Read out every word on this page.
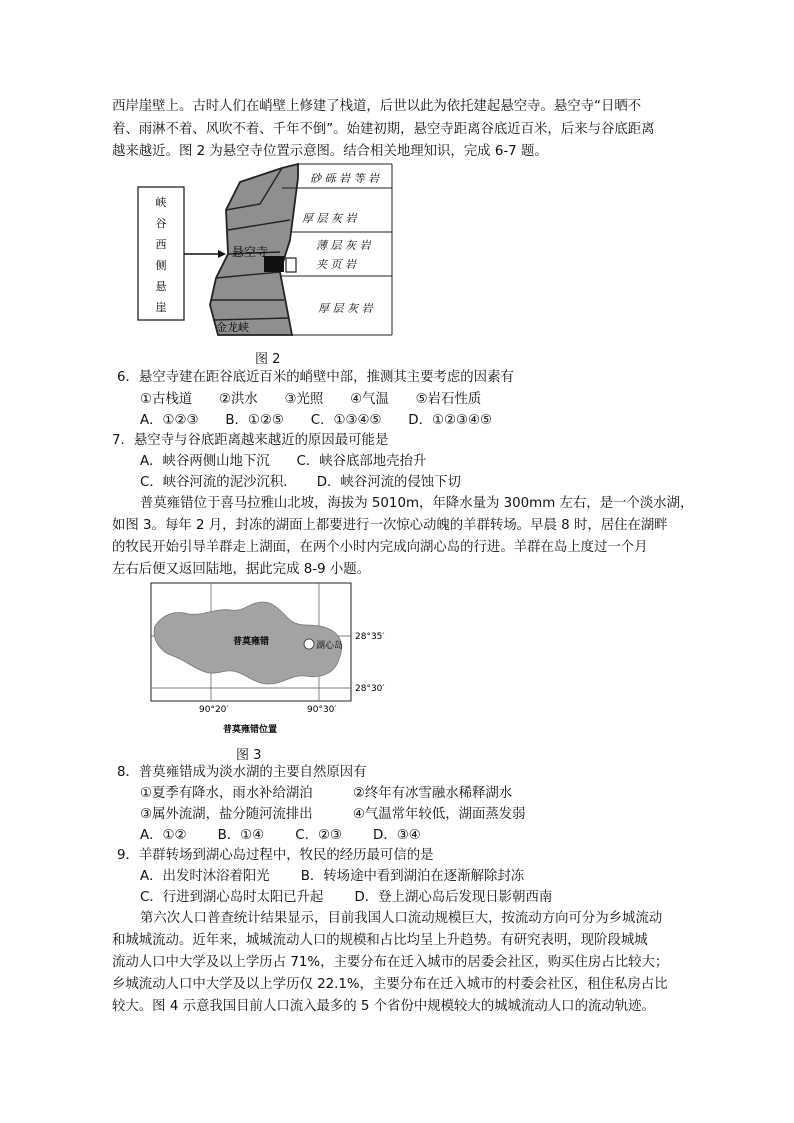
西岸崖壁上。古时人们在峭壁上修建了栈道，后世以此为依托建起悬空寺。悬空寺“日晒不
着、雨淋不着、风吹不着、千年不倒”。始建初期，悬空寺距离谷底近百米，后来与谷底距离
越来越近。图 2 为悬空寺位置示意图。结合相关地理知识，完成 6-7 题。
峡
谷
西
侧
悬
崖
悬空寺
金龙峡
砂 砾 岩 等 岩
厚 层 灰 岩
薄 层 灰 岩
夹 页 岩
厚 层 灰 岩
图 2
6．悬空寺建在距谷底近百米的峭壁中部，推测其主要考虑的因素有
①古栈道　　②洪水　　③光照　　④气温　　⑤岩石性质
A．①②③　　B．①②⑤　　C．①③④⑤　　D．①②③④⑤
7．悬空寺与谷底距离越来越近的原因最可能是
A．峡谷两侧山地下沉　　C．峡谷底部地壳抬升
C．峡谷河流的泥沙沉积．　　D．峡谷河流的侵蚀下切
普莫雍错位于喜马拉雅山北坡，海拔为 5010m，年降水量为 300mm 左右，是一个淡水湖，
如图 3。每年 2 月，封冻的湖面上都要进行一次惊心动魄的羊群转场。早晨 8 时，居住在湖畔
的牧民开始引导羊群走上湖面，在两个小时内完成向湖心岛的行进。羊群在岛上度过一个月
左右后便又返回陆地，据此完成 8-9 小题。
普莫雍错	湖心岛
28°35′
28°30′
90°20′	90°30′
普莫雍错位置
图 3
8．普莫雍错成为淡水湖的主要自然原因有
①夏季有降水，雨水补给湖泊　　　②终年有冰雪融水稀释湖水
③属外流湖，盐分随河流排出　　　④气温常年较低，湖面蒸发弱
A．①②　　 B．①④　　 C．②③　　 D．③④
9．羊群转场到湖心岛过程中，牧民的经历最可信的是
A．出发时沐浴着阳光　　 B．转场途中看到湖泊在逐渐解除封冻
C．行进到湖心岛时太阳已升起　　 D．登上湖心岛后发现日影朝西南
第六次人口普查统计结果显示，目前我国人口流动规模巨大，按流动方向可分为乡城流动
和城城流动。近年来，城城流动人口的规模和占比均呈上升趋势。有研究表明，现阶段城城
流动人口中大学及以上学历占 71%，主要分布在迁入城市的居委会社区，购买住房占比较大；
乡城流动人口中大学及以上学历仅 22.1%，主要分布在迁入城市的村委会社区，租住私房占比
较大。图 4 示意我国目前人口流入最多的 5 个省份中规模较大的城城流动人口的流动轨迹。
